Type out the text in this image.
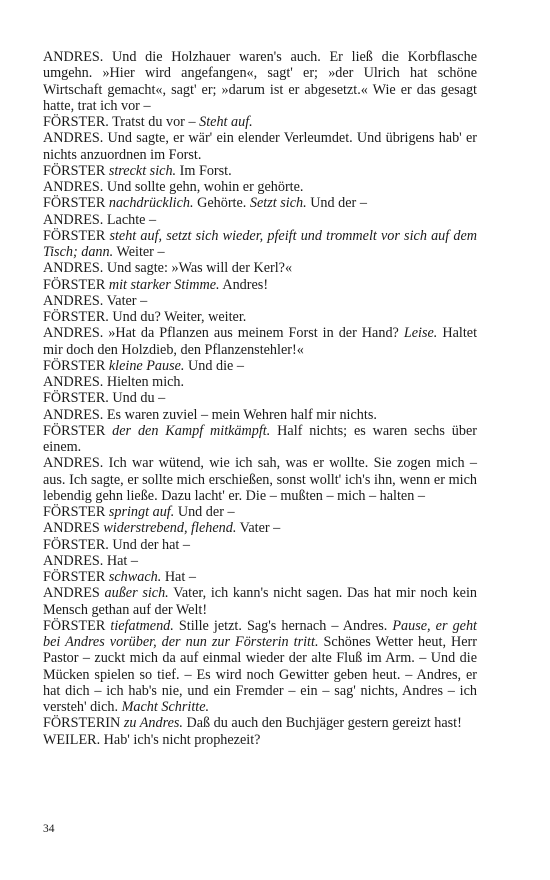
ANDRES. Und die Holzhauer waren's auch. Er ließ die Korbflasche umgehn. »Hier wird angefangen«, sagt' er; »der Ulrich hat schöne Wirtschaft gemacht«, sagt' er; »darum ist er abgesetzt.« Wie er das gesagt hatte, trat ich vor –

FÖRSTER. Tratst du vor – Steht auf.

ANDRES. Und sagte, er wär' ein elender Verleumdet. Und übrigens hab' er nichts anzuordnen im Forst.

FÖRSTER streckt sich. Im Forst.

ANDRES. Und sollte gehn, wohin er gehörte.

FÖRSTER nachdrücklich. Gehörte. Setzt sich. Und der –

ANDRES. Lachte –

FÖRSTER steht auf, setzt sich wieder, pfeift und trommelt vor sich auf dem Tisch; dann. Weiter –

ANDRES. Und sagte: »Was will der Kerl?«

FÖRSTER mit starker Stimme. Andres!

ANDRES. Vater –

FÖRSTER. Und du? Weiter, weiter.

ANDRES. »Hat da Pflanzen aus meinem Forst in der Hand? Leise. Haltet mir doch den Holzdieb, den Pflanzenstehler!«

FÖRSTER kleine Pause. Und die –

ANDRES. Hielten mich.

FÖRSTER. Und du –

ANDRES. Es waren zuviel – mein Wehren half mir nichts.

FÖRSTER der den Kampf mitkämpft. Half nichts; es waren sechs über einem.

ANDRES. Ich war wütend, wie ich sah, was er wollte. Sie zogen mich – aus. Ich sagte, er sollte mich erschießen, sonst wollt' ich's ihn, wenn er mich lebendig gehn ließe. Dazu lacht' er. Die – mußten – mich – halten –

FÖRSTER springt auf. Und der –

ANDRES widerstrebend, flehend. Vater –

FÖRSTER. Und der hat –

ANDRES. Hat –

FÖRSTER schwach. Hat –

ANDRES außer sich. Vater, ich kann's nicht sagen. Das hat mir noch kein Mensch gethan auf der Welt!

FÖRSTER tiefatmend. Stille jetzt. Sag's hernach – Andres. Pause, er geht bei Andres vorüber, der nun zur Försterin tritt. Schönes Wetter heut, Herr Pastor – zuckt mich da auf einmal wieder der alte Fluß im Arm. – Und die Mücken spielen so tief. – Es wird noch Gewitter geben heut. – Andres, er hat dich – ich hab's nie, und ein Fremder – ein – sag' nichts, Andres – ich versteh' dich. Macht Schritte.

FÖRSTERIN zu Andres. Daß du auch den Buchjäger gestern gereizt hast!

WEILER. Hab' ich's nicht prophezeit?

34
